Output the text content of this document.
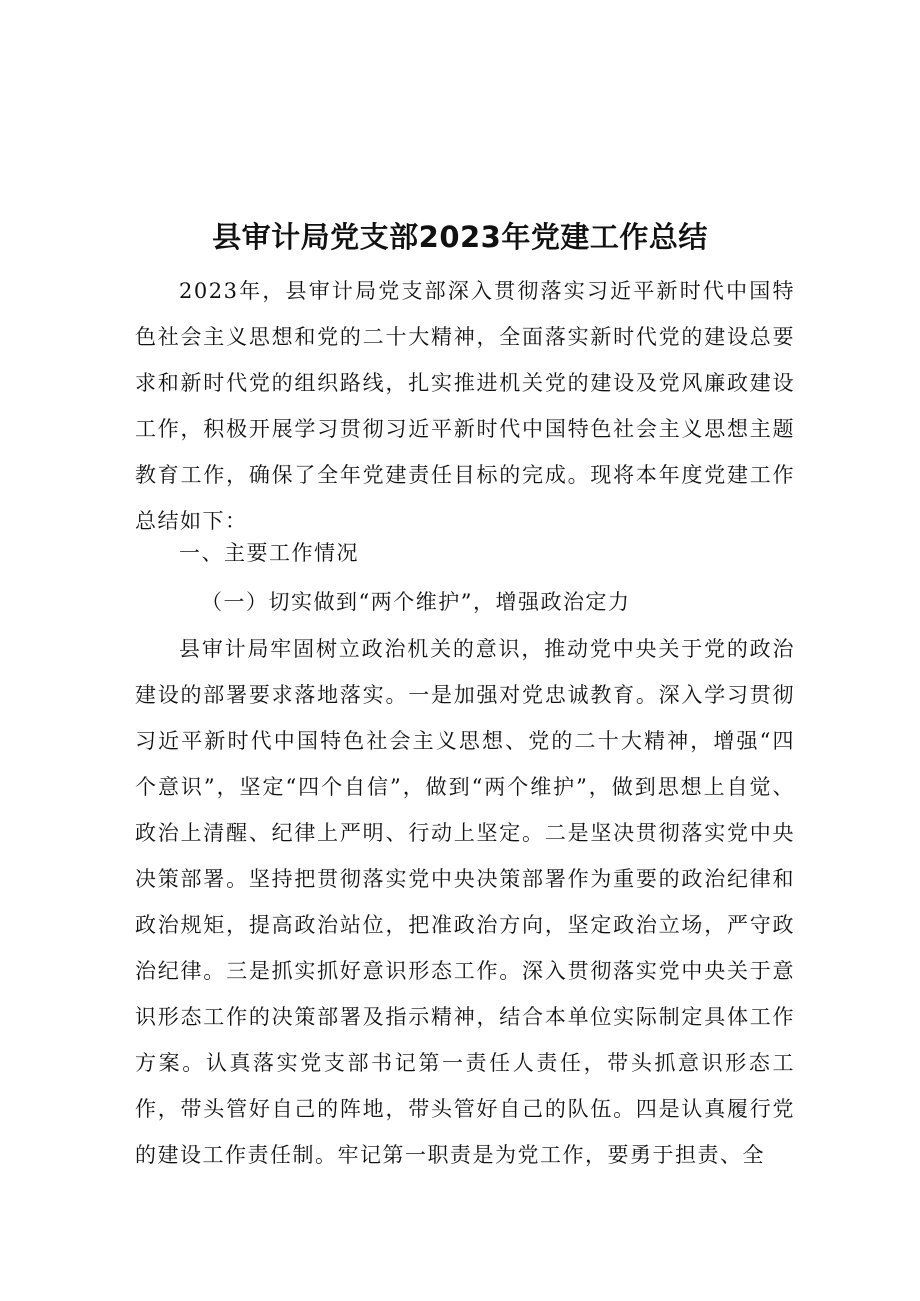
县审计局党支部2023年党建工作总结

2023年，县审计局党支部深入贯彻落实习近平新时代中国特色社会主义思想和党的二十大精神，全面落实新时代党的建设总要求和新时代党的组织路线，扎实推进机关党的建设及党风廉政建设工作，积极开展学习贯彻习近平新时代中国特色社会主义思想主题教育工作，确保了全年党建责任目标的完成。现将本年度党建工作总结如下：

一、主要工作情况

（一）切实做到“两个维护”，增强政治定力

县审计局牢固树立政治机关的意识，推动党中央关于党的政治建设的部署要求落地落实。一是加强对党忠诚教育。深入学习贯彻习近平新时代中国特色社会主义思想、党的二十大精神，增强“四个意识”，坚定“四个自信”，做到“两个维护”，做到思想上自觉、政治上清醒、纪律上严明、行动上坚定。二是坚决贯彻落实党中央决策部署。坚持把贯彻落实党中央决策部署作为重要的政治纪律和政治规矩，提高政治站位，把准政治方向，坚定政治立场，严守政治纪律。三是抓实抓好意识形态工作。深入贯彻落实党中央关于意识形态工作的决策部署及指示精神，结合本单位实际制定具体工作方案。认真落实党支部书记第一责任人责任，带头抓意识形态工作，带头管好自己的阵地，带头管好自己的队伍。四是认真履行党的建设工作责任制。牢记第一职责是为党工作，要勇于担责、全
